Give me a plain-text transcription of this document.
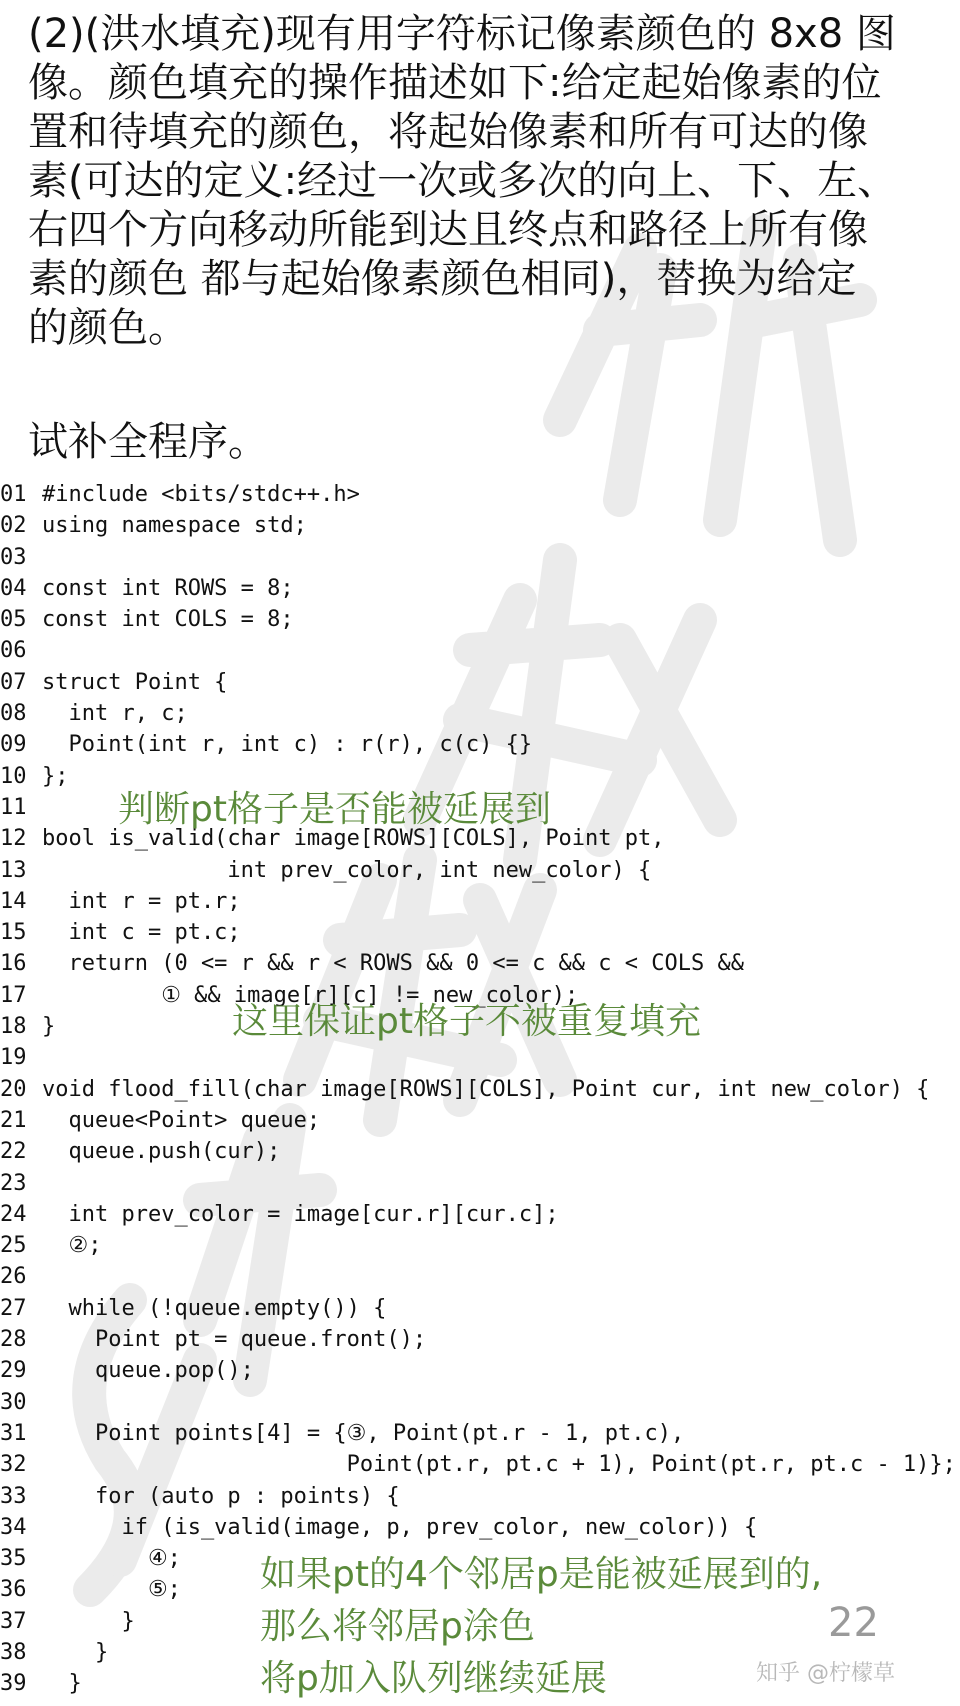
(2)(洪水填充)现有用字符标记像素颜色的 8x8 图
像。颜色填充的操作描述如下:给定起始像素的位
置和待填充的颜色，将起始像素和所有可达的像
素(可达的定义:经过一次或多次的向上、下、左、
右四个方向移动所能到达且终点和路径上所有像
素的颜色 都与起始像素颜色相同)，替换为给定
的颜色。
试补全程序。
01 #include <bits/stdc++.h>
02 using namespace std;
03
04 const int ROWS = 8;
05 const int COLS = 8;
06
07 struct Point {
08 int r, c;
09 Point(int r, int c) : r(r), c(c) {}
10 };
11
12 bool is_valid(char image[ROWS][COLS], Point pt,
13 int prev_color, int new_color) {
14 int r = pt.r;
15 int c = pt.c;
16 return (0 <= r && r < ROWS && 0 <= c && c < COLS &&
17 ① && image[r][c] != new_color);
18 }
19
20 void flood_fill(char image[ROWS][COLS], Point cur, int new_color) {
21 queue<Point> queue;
22 queue.push(cur);
23
24 int prev_color = image[cur.r][cur.c];
25 ②;
26
27 while (!queue.empty()) {
28 Point pt = queue.front();
29 queue.pop();
30
31 Point points[4] = {③, Point(pt.r - 1, pt.c),
32 Point(pt.r, pt.c + 1), Point(pt.r, pt.c - 1)};
33 for (auto p : points) {
34 if (is_valid(image, p, prev_color, new_color)) {
35 ④;
36 ⑤;
37 }
38 }
39 }
判断pt格子是否能被延展到
这里保证pt格子不被重复填充
如果pt的4个邻居p是能被延展到的,
那么将邻居p涂色
将p加入队列继续延展
22
知乎 @柠檬草
